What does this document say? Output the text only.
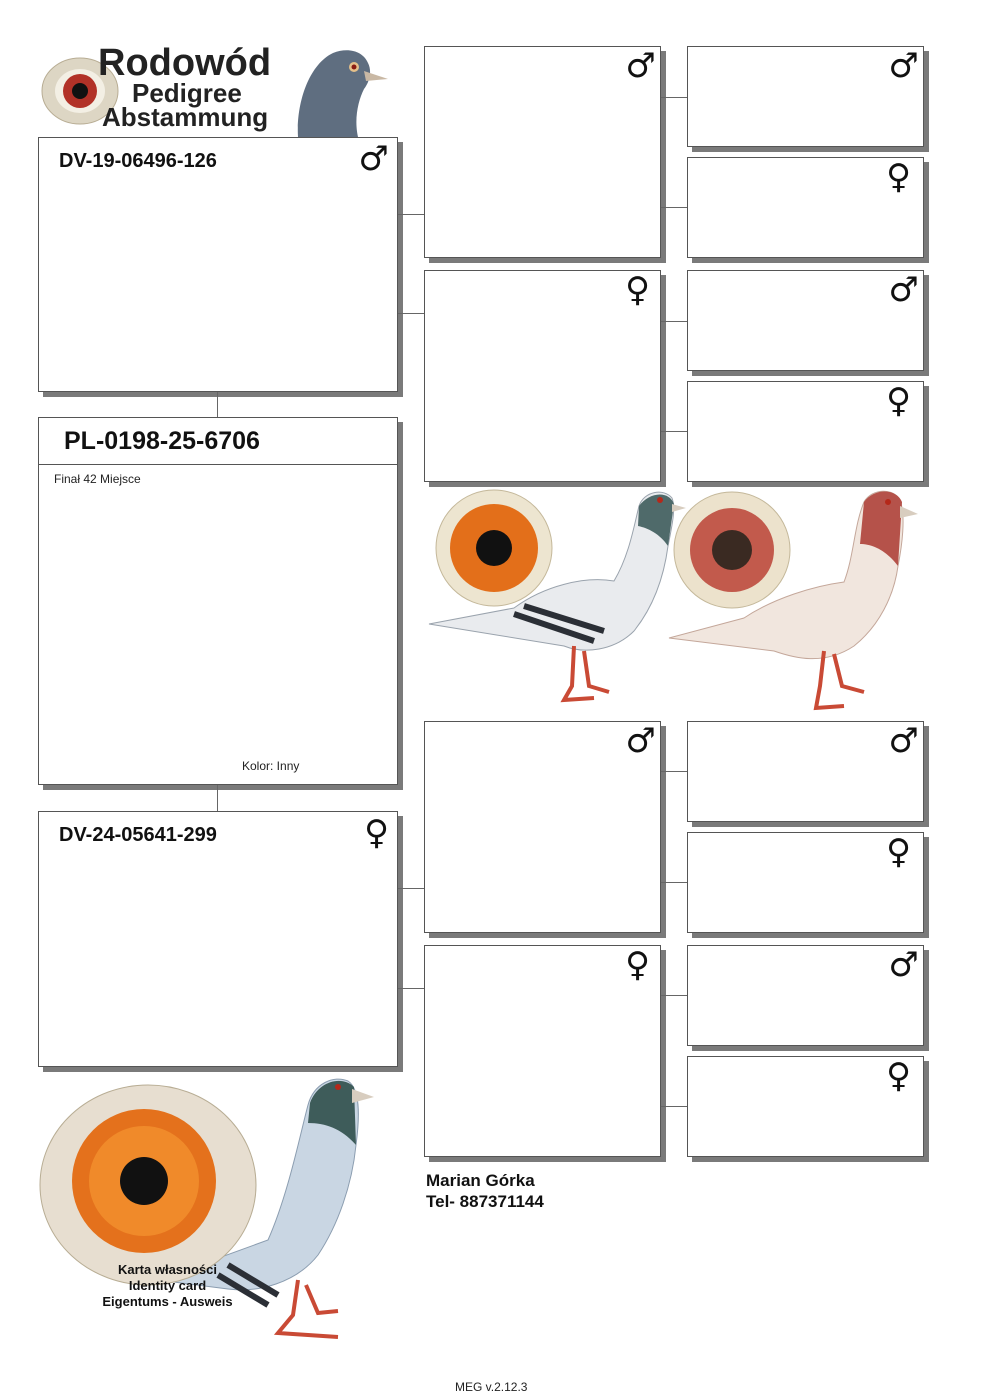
Rodowód
Pedigree
Abstammung
DV-19-06496-126	♂
PL-0198-25-6706
Finał 42 Miejsce
Kolor: Inny
DV-24-05641-299	♀
♂
♀
♂
♀
♂
♀
♂
♀
♂
♀
♂
♀
Karta własności
Identity card
Eigentums - Ausweis
Marian Górka
Tel- 887371144
MEG v.2.12.3
